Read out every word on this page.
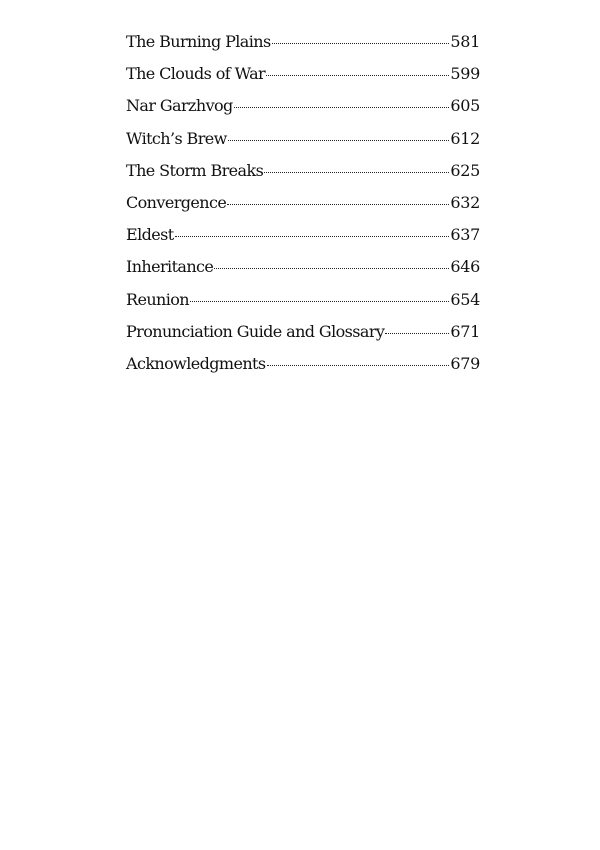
The Burning Plains	581
The Clouds of War	599
Nar Garzhvog	605
Witch’s Brew	612
The Storm Breaks	625
Convergence	632
Eldest	637
Inheritance	646
Reunion	654
Pronunciation Guide and Glossary	671
Acknowledgments	679
